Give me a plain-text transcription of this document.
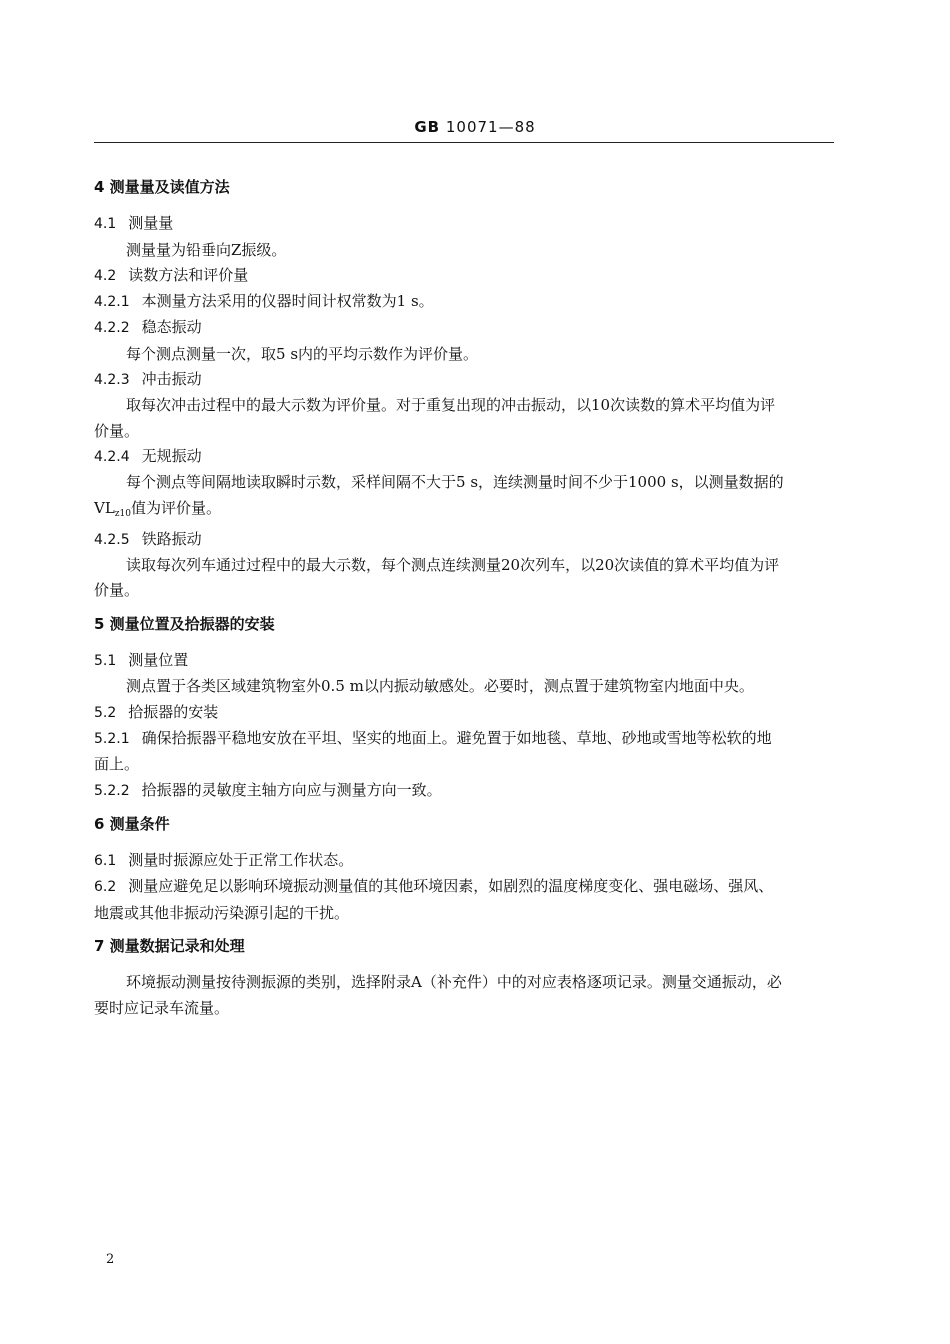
GB 10071—88
4 测量量及读值方法
4.1 测量量
测量量为铅垂向Z振级。
4.2 读数方法和评价量
4.2.1 本测量方法采用的仪器时间计权常数为1 s。
4.2.2 稳态振动
每个测点测量一次，取5 s内的平均示数作为评价量。
4.2.3 冲击振动
取每次冲击过程中的最大示数为评价量。对于重复出现的冲击振动，以10次读数的算术平均值为评
价量。
4.2.4 无规振动
每个测点等间隔地读取瞬时示数，采样间隔不大于5 s，连续测量时间不少于1000 s，以测量数据的
$VL_{z10}$值为评价量。
4.2.5 铁路振动
读取每次列车通过过程中的最大示数，每个测点连续测量20次列车，以20次读值的算术平均值为评
价量。
5 测量位置及拾振器的安装
5.1 测量位置
测点置于各类区域建筑物室外0.5 m以内振动敏感处。必要时，测点置于建筑物室内地面中央。
5.2 拾振器的安装
5.2.1 确保拾振器平稳地安放在平坦、坚实的地面上。避免置于如地毯、草地、砂地或雪地等松软的地
面上。
5.2.2 拾振器的灵敏度主轴方向应与测量方向一致。
6 测量条件
6.1 测量时振源应处于正常工作状态。
6.2 测量应避免足以影响环境振动测量值的其他环境因素，如剧烈的温度梯度变化、强电磁场、强风、
地震或其他非振动污染源引起的干扰。
7 测量数据记录和处理
环境振动测量按待测振源的类别，选择附录A（补充件）中的对应表格逐项记录。测量交通振动，必
要时应记录车流量。
2
